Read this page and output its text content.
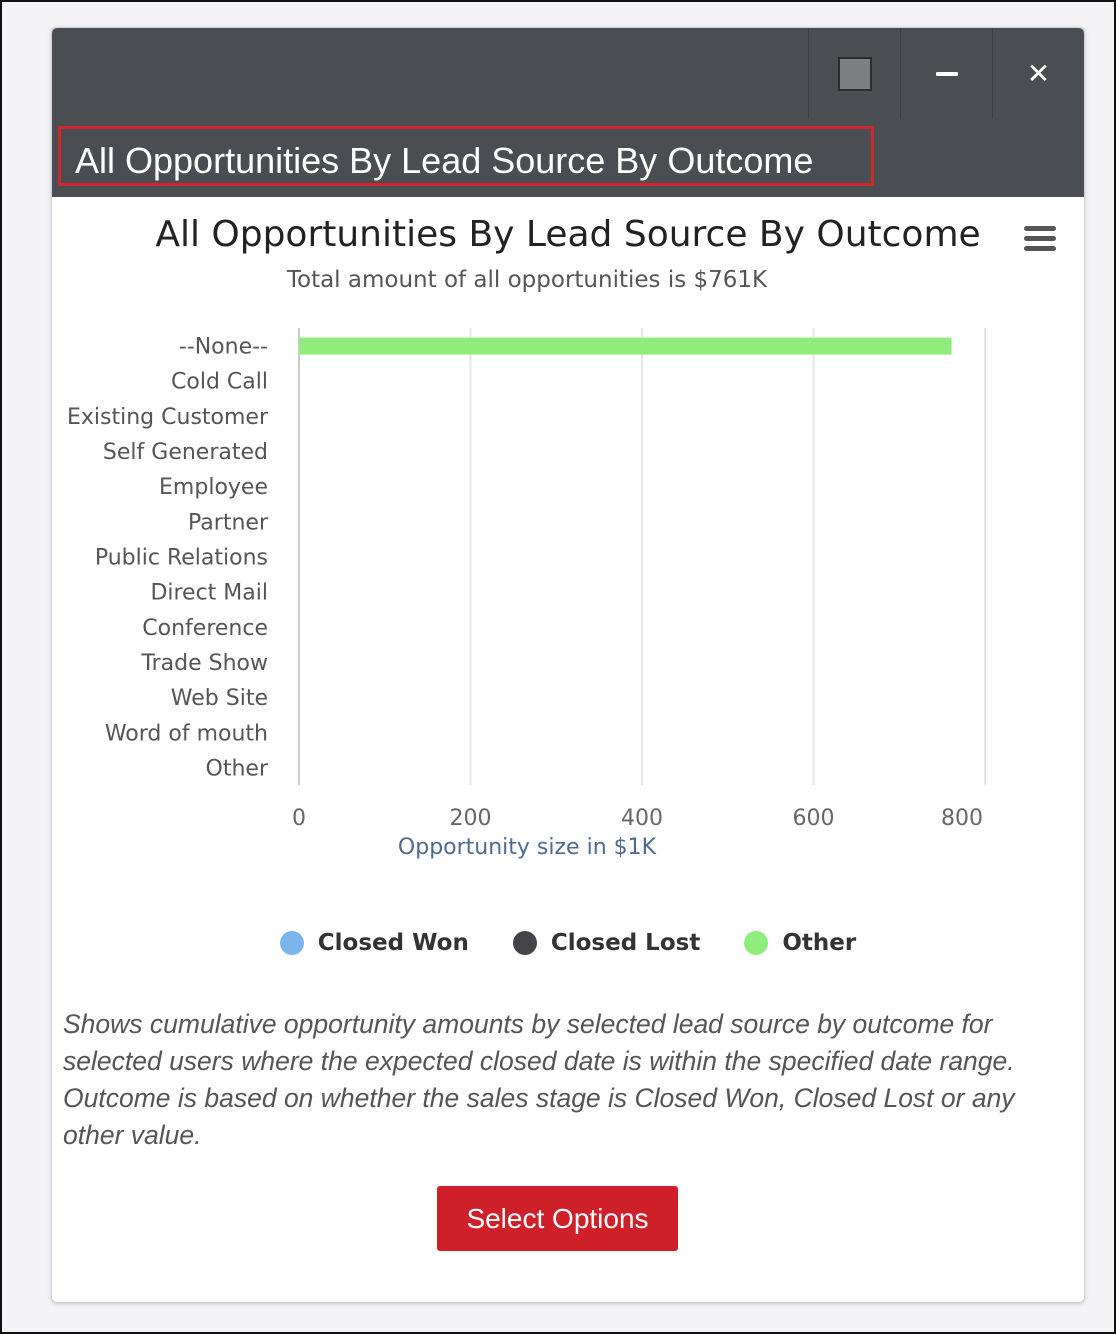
✕
All Opportunities By Lead Source By Outcome
All Opportunities By Lead Source By Outcome
Total amount of all opportunities is $761K
--None--
Cold Call
Existing Customer
Self Generated
Employee
Partner
Public Relations
Direct Mail
Conference
Trade Show
Web Site
Word of mouth
Other
0	200	400	600	800
Opportunity size in $1K
Closed Won	Closed Lost	Other
Shows cumulative opportunity amounts by selected lead source by outcome for selected users where the expected closed date is within the specified date range. Outcome is based on whether the sales stage is Closed Won, Closed Lost or any other value.
Select Options
